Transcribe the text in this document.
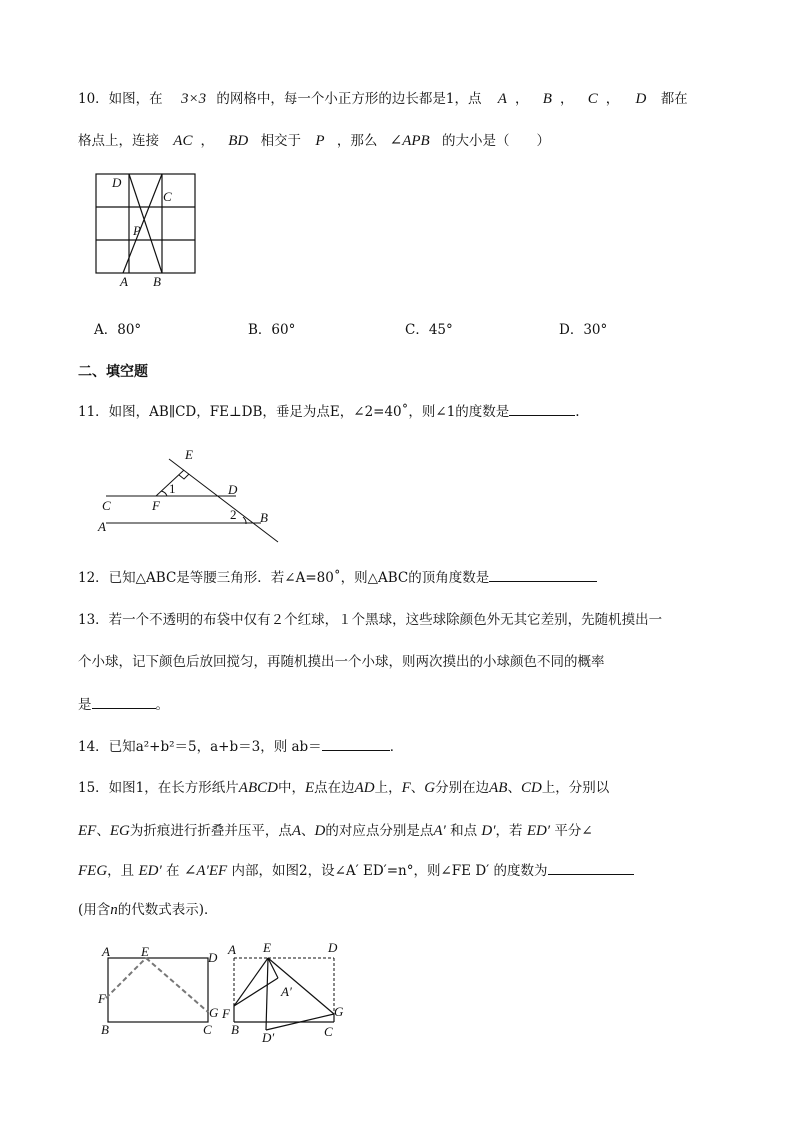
10．如图，在 3×3 的网格中，每一个小正方形的边长都是1，点 A ， B ， C ， D 都在
格点上，连接 AC ， BD 相交于 P ，那么 ∠APB 的大小是（　　）
D
C
P
A B
A．80°	B．60°	C．45°	D．30°
二、填空题
11．如图，AB∥CD，FE⊥DB，垂足为点E，∠2=40˚，则∠1的度数是	.
E
1	D
C	F
2 B
A
12．已知△ABC是等腰三角形．若∠A=80˚，则△ABC的顶角度数是
13．若一个不透明的布袋中仅有２个红球，１个黑球，这些球除颜色外无其它差别，先随机摸出一
个小球，记下颜色后放回搅匀，再随机摸出一个小球，则两次摸出的小球颜色不同的概率
是	。
14．已知a²+b²＝5，a+b＝3，则 ab＝	．
15．如图1，在长方形纸片ABCD中，E点在边AD上，F、G分别在边AB、CD上，分别以
EF、EG为折痕进行折叠并压平，点A、D的对应点分别是点A′ 和点 D′，若 ED′ 平分∠
FEG，且 ED′ 在 ∠A′EF 内部，如图2，设∠A′ ED′=n°，则∠FE D′ 的度数为
(用含n的代数式表示)．
A E	D
F
G
B	C
A E	D
A′
F
B
G
C
D′
